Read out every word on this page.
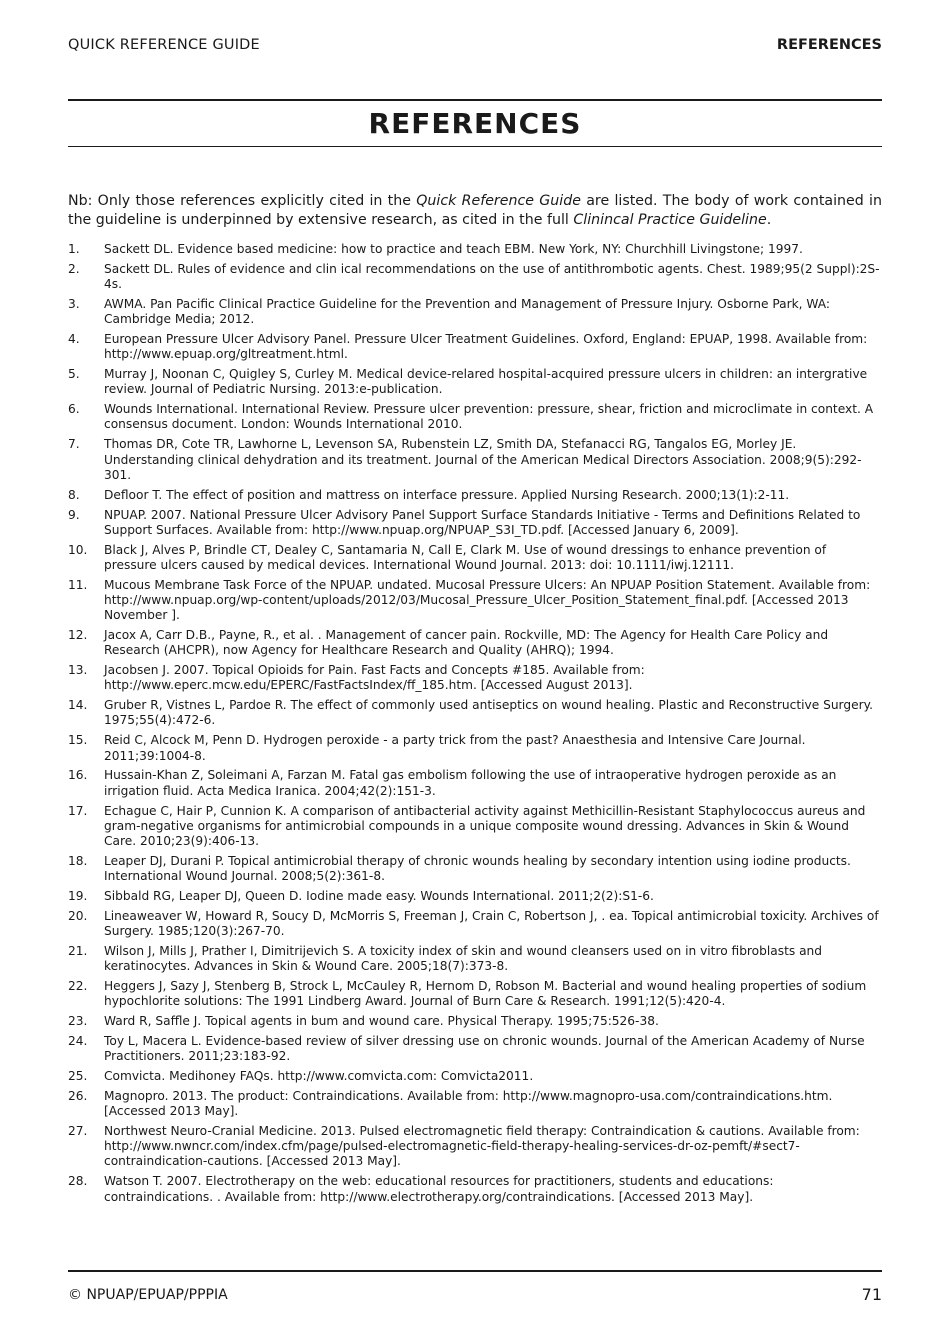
QUICK REFERENCE GUIDE	REFERENCES
REFERENCES

Nb: Only those references explicitly cited in the Quick Reference Guide are listed. The body of work contained in the guideline is underpinned by extensive research, as cited in the full Clinincal Practice Guideline.

1. Sackett DL. Evidence based medicine: how to practice and teach EBM. New York, NY: Churchhill Livingstone; 1997.
2. Sackett DL. Rules of evidence and clin ical recommendations on the use of antithrombotic agents. Chest. 1989;95(2 Suppl):2S-4s.
3. AWMA. Pan Pacific Clinical Practice Guideline for the Prevention and Management of Pressure Injury. Osborne Park, WA: Cambridge Media; 2012.
4. European Pressure Ulcer Advisory Panel. Pressure Ulcer Treatment Guidelines. Oxford, England: EPUAP, 1998. Available from: http://www.epuap.org/gltreatment.html.
5. Murray J, Noonan C, Quigley S, Curley M. Medical device-relared hospital-acquired pressure ulcers in children: an intergrative review. Journal of Pediatric Nursing. 2013:e-publication.
6. Wounds International. International Review. Pressure ulcer prevention: pressure, shear, friction and microclimate in context. A consensus document. London: Wounds International 2010.
7. Thomas DR, Cote TR, Lawhorne L, Levenson SA, Rubenstein LZ, Smith DA, Stefanacci RG, Tangalos EG, Morley JE. Understanding clinical dehydration and its treatment. Journal of the American Medical Directors Association. 2008;9(5):292-301.
8. Defloor T. The effect of position and mattress on interface pressure. Applied Nursing Research. 2000;13(1):2-11.
9. NPUAP. 2007. National Pressure Ulcer Advisory Panel Support Surface Standards Initiative - Terms and Definitions Related to Support Surfaces. Available from: http://www.npuap.org/NPUAP_S3I_TD.pdf. [Accessed January 6, 2009].
10. Black J, Alves P, Brindle CT, Dealey C, Santamaria N, Call E, Clark M. Use of wound dressings to enhance prevention of pressure ulcers caused by medical devices. International Wound Journal. 2013: doi: 10.1111/iwj.12111.
11. Mucous Membrane Task Force of the NPUAP. undated. Mucosal Pressure Ulcers: An NPUAP Position Statement. Available from: http://www.npuap.org/wp-content/uploads/2012/03/Mucosal_Pressure_Ulcer_Position_Statement_final.pdf. [Accessed 2013 November ].
12. Jacox A, Carr D.B., Payne, R., et al. . Management of cancer pain. Rockville, MD: The Agency for Health Care Policy and Research (AHCPR), now Agency for Healthcare Research and Quality (AHRQ); 1994.
13. Jacobsen J. 2007. Topical Opioids for Pain. Fast Facts and Concepts #185. Available from: http://www.eperc.mcw.edu/EPERC/FastFactsIndex/ff_185.htm. [Accessed August 2013].
14. Gruber R, Vistnes L, Pardoe R. The effect of commonly used antiseptics on wound healing. Plastic and Reconstructive Surgery. 1975;55(4):472-6.
15. Reid C, Alcock M, Penn D. Hydrogen peroxide - a party trick from the past? Anaesthesia and Intensive Care Journal. 2011;39:1004-8.
16. Hussain-Khan Z, Soleimani A, Farzan M. Fatal gas embolism following the use of intraoperative hydrogen peroxide as an irrigation fluid. Acta Medica Iranica. 2004;42(2):151-3.
17. Echague C, Hair P, Cunnion K. A comparison of antibacterial activity against Methicillin-Resistant Staphylococcus aureus and gram-negative organisms for antimicrobial compounds in a unique composite wound dressing. Advances in Skin & Wound Care. 2010;23(9):406-13.
18. Leaper DJ, Durani P. Topical antimicrobial therapy of chronic wounds healing by secondary intention using iodine products. International Wound Journal. 2008;5(2):361-8.
19. Sibbald RG, Leaper DJ, Queen D. Iodine made easy. Wounds International. 2011;2(2):S1-6.
20. Lineaweaver W, Howard R, Soucy D, McMorris S, Freeman J, Crain C, Robertson J, . ea. Topical antimicrobial toxicity. Archives of Surgery. 1985;120(3):267-70.
21. Wilson J, Mills J, Prather I, Dimitrijevich S. A toxicity index of skin and wound cleansers used on in vitro fibroblasts and keratinocytes. Advances in Skin & Wound Care. 2005;18(7):373-8.
22. Heggers J, Sazy J, Stenberg B, Strock L, McCauley R, Hernom D, Robson M. Bacterial and wound healing properties of sodium hypochlorite solutions: The 1991 Lindberg Award. Journal of Burn Care & Research. 1991;12(5):420-4.
23. Ward R, Saffle J. Topical agents in bum and wound care. Physical Therapy. 1995;75:526-38.
24. Toy L, Macera L. Evidence-based review of silver dressing use on chronic wounds. Journal of the American Academy of Nurse Practitioners. 2011;23:183-92.
25. Comvicta. Medihoney FAQs. http://www.comvicta.com: Comvicta2011.
26. Magnopro. 2013. The product: Contraindications. Available from: http://www.magnopro-usa.com/contraindications.htm. [Accessed 2013 May].
27. Northwest Neuro-Cranial Medicine. 2013. Pulsed electromagnetic field therapy: Contraindication & cautions. Available from: http://www.nwncr.com/index.cfm/page/pulsed-electromagnetic-field-therapy-healing-services-dr-oz-pemft/#sect7-contraindication-cautions. [Accessed 2013 May].
28. Watson T. 2007. Electrotherapy on the web: educational resources for practitioners, students and educations: contraindications. . Available from: http://www.electrotherapy.org/contraindications. [Accessed 2013 May].
© NPUAP/EPUAP/PPPIA	71
